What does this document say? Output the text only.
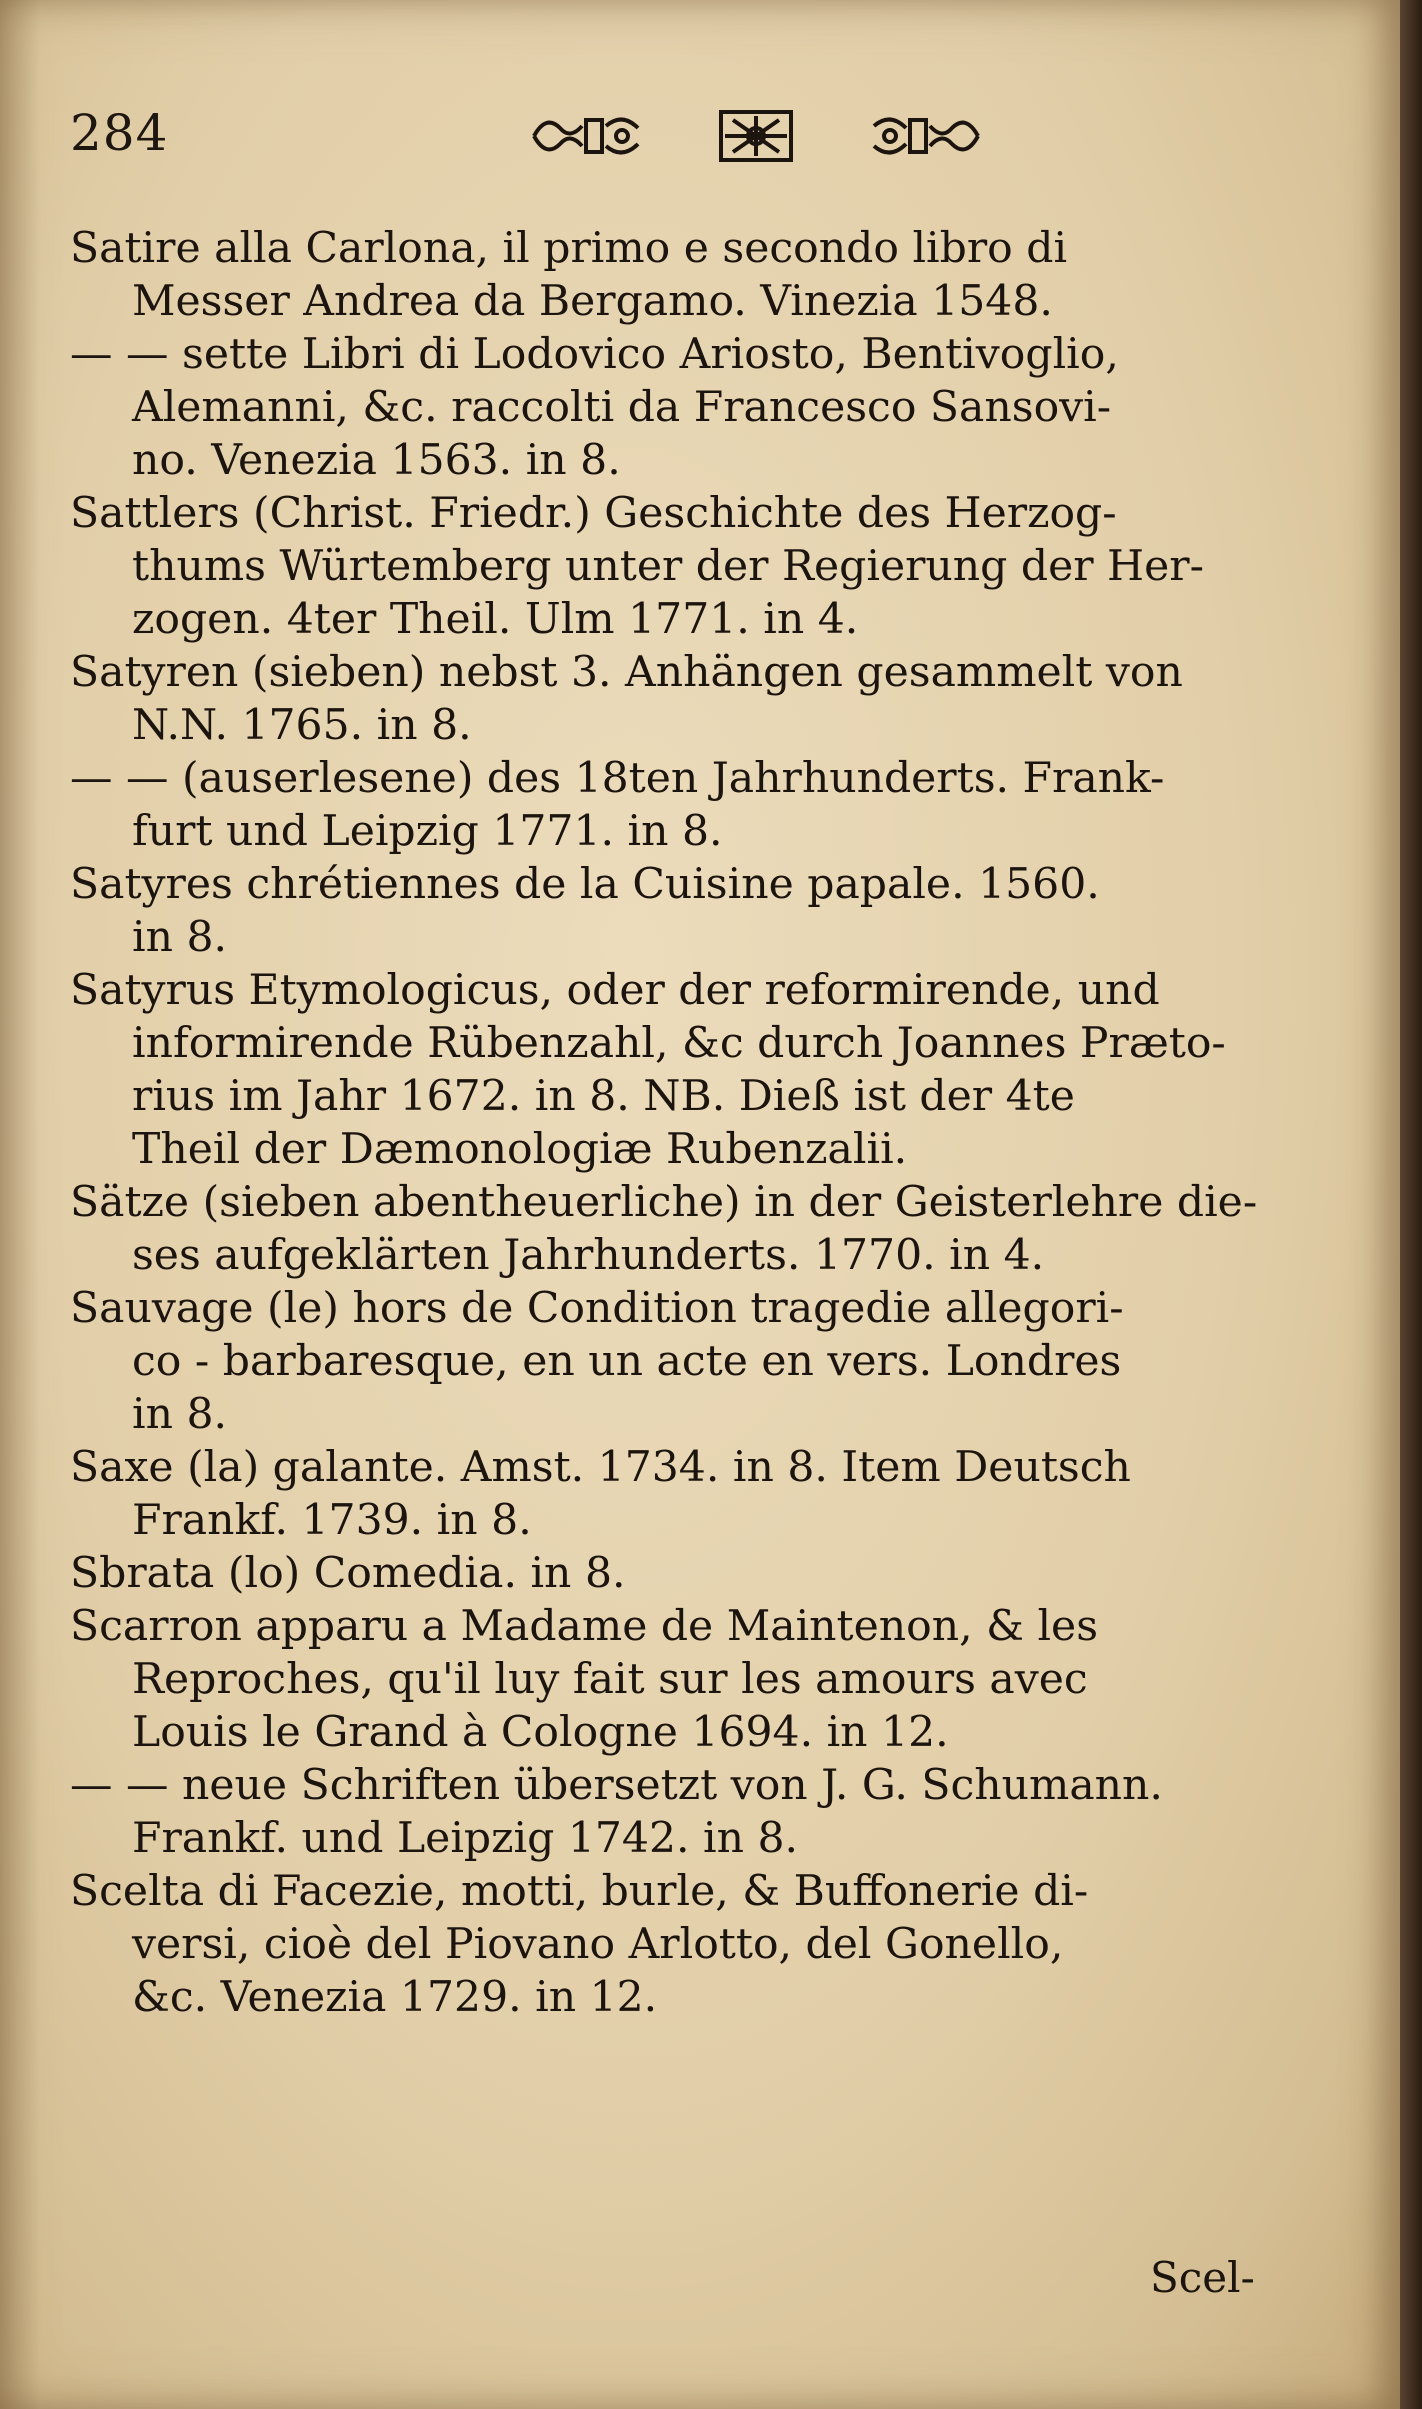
284

Satire alla Carlona, il primo e secondo libro di
Messer Andrea da Bergamo. Vinezia 1548.

— — sette Libri di Lodovico Ariosto, Bentivoglio,
Alemanni, &c. raccolti da Francesco Sansovi-
no. Venezia 1563. in 8.

Sattlers (Christ. Friedr.) Geschichte des Herzog-
thums Würtemberg unter der Regierung der Her-
zogen. 4ter Theil. Ulm 1771. in 4.

Satyren (sieben) nebst 3. Anhängen gesammelt von
N.N. 1765. in 8.

— — (auserlesene) des 18ten Jahrhunderts. Frank-
furt und Leipzig 1771. in 8.

Satyres chrétiennes de la Cuisine papale. 1560.
in 8.

Satyrus Etymologicus, oder der reformirende, und
informirende Rübenzahl, &c durch Joannes Præto-
rius im Jahr 1672. in 8. NB. Dieß ist der 4te
Theil der Dæmonologiæ Rubenzalii.

Sätze (sieben abentheuerliche) in der Geisterlehre die-
ses aufgeklärten Jahrhunderts. 1770. in 4.

Sauvage (le) hors de Condition tragedie allegori-
co - barbaresque, en un acte en vers. Londres
in 8.

Saxe (la) galante. Amst. 1734. in 8. Item Deutsch
Frankf. 1739. in 8.

Sbrata (lo) Comedia. in 8.

Scarron apparu a Madame de Maintenon, & les
Reproches, qu'il luy fait sur les amours avec
Louis le Grand à Cologne 1694. in 12.

— — neue Schriften übersetzt von J. G. Schumann.
Frankf. und Leipzig 1742. in 8.

Scelta di Facezie, motti, burle, & Buffonerie di-
versi, cioè del Piovano Arlotto, del Gonello,
&c. Venezia 1729. in 12.

Scel-
